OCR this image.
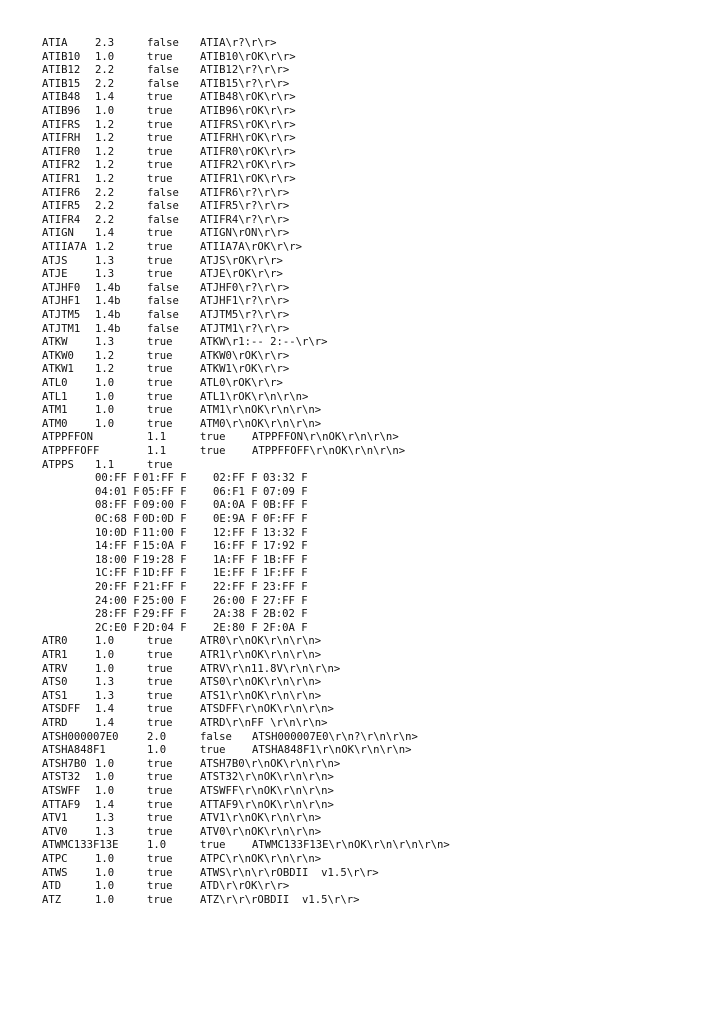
ATIA	2.3	false ATIA\r?\r\r>
ATIB10 1.0	true	ATIB10\rOK\r\r>
ATIB12 2.2	false ATIB12\r?\r\r>
ATIB15 2.2	false ATIB15\r?\r\r>
ATIB48 1.4	true	ATIB48\rOK\r\r>
ATIB96 1.0	true	ATIB96\rOK\r\r>
ATIFRS 1.2	true	ATIFRS\rOK\r\r>
ATIFRH 1.2	true	ATIFRH\rOK\r\r>
ATIFR0 1.2	true	ATIFR0\rOK\r\r>
ATIFR2 1.2	true	ATIFR2\rOK\r\r>
ATIFR1 1.2	true	ATIFR1\rOK\r\r>
ATIFR6 2.2	false ATIFR6\r?\r\r>
ATIFR5 2.2	false ATIFR5\r?\r\r>
ATIFR4 2.2	false ATIFR4\r?\r\r>
ATIGN 1.4	true	ATIGN\rON\r\r>
ATIIA7A 1.2	true	ATIIA7A\rOK\r\r>
ATJS	1.3	true	ATJS\rOK\r\r>
ATJE	1.3	true	ATJE\rOK\r\r>
ATJHF0 1.4b false ATJHF0\r?\r\r>
ATJHF1 1.4b false ATJHF1\r?\r\r>
ATJTM5 1.4b false ATJTM5\r?\r\r>
ATJTM1 1.4b false ATJTM1\r?\r\r>
ATKW	1.3	true	ATKW\r1:-- 2:--\r\r>
ATKW0 1.2	true	ATKW0\rOK\r\r>
ATKW1 1.2	true	ATKW1\rOK\r\r>
ATL0	1.0	true	ATL0\rOK\r\r>
ATL1	1.0	true	ATL1\rOK\r\n\r\n>
ATM1	1.0	true	ATM1\r\nOK\r\n\r\n>
ATM0	1.0	true	ATM0\r\nOK\r\n\r\n>
ATPPFFON	1.1	true ATPPFFON\r\nOK\r\n\r\n>
ATPPFFOFF	1.1	true ATPPFFOFF\r\nOK\r\n\r\n>
ATPPS 1.1	true
00:FF F 01:FF F 02:FF F 03:32 F
04:01 F 05:FF F 06:F1 F 07:09 F
08:FF F 09:00 F 0A:0A F 0B:FF F
0C:68 F 0D:0D F 0E:9A F 0F:FF F
10:0D F 11:00 F 12:FF F 13:32 F
14:FF F 15:0A F 16:FF F 17:92 F
18:00 F 19:28 F 1A:FF F 1B:FF F
1C:FF F 1D:FF F 1E:FF F 1F:FF F
20:FF F 21:FF F 22:FF F 23:FF F
24:00 F 25:00 F 26:00 F 27:FF F
28:FF F 29:FF F 2A:38 F 2B:02 F
2C:E0 F 2D:04 F 2E:80 F 2F:0A F
ATR0	1.0	true	ATR0\r\nOK\r\n\r\n>
ATR1	1.0	true	ATR1\r\nOK\r\n\r\n>
ATRV	1.0	true	ATRV\r\n11.8V\r\n\r\n>
ATS0	1.3	true	ATS0\r\nOK\r\n\r\n>
ATS1	1.3	true	ATS1\r\nOK\r\n\r\n>
ATSDFF 1.4	true	ATSDFF\r\nOK\r\n\r\n>
ATRD	1.4	true	ATRD\r\nFF \r\n\r\n>
ATSH000007E0	2.0	false ATSH000007E0\r\n?\r\n\r\n>
ATSHA848F1	1.0	true ATSHA848F1\r\nOK\r\n\r\n>
ATSH7B0 1.0	true	ATSH7B0\r\nOK\r\n\r\n>
ATST32 1.0	true	ATST32\r\nOK\r\n\r\n>
ATSWFF 1.0	true	ATSWFF\r\nOK\r\n\r\n>
ATTAF9 1.4	true	ATTAF9\r\nOK\r\n\r\n>
ATV1	1.3	true	ATV1\r\nOK\r\n\r\n>
ATV0	1.3	true	ATV0\r\nOK\r\n\r\n>
ATWMC133F13E	1.0	true ATWMC133F13E\r\nOK\r\n\r\n\r\n>
ATPC	1.0	true	ATPC\r\nOK\r\n\r\n>
ATWS	1.0	true	ATWS\r\n\r\rOBDII  v1.5\r\r>
ATD	1.0	true	ATD\r\rOK\r\r>
ATZ	1.0	true	ATZ\r\r\rOBDII  v1.5\r\r>
